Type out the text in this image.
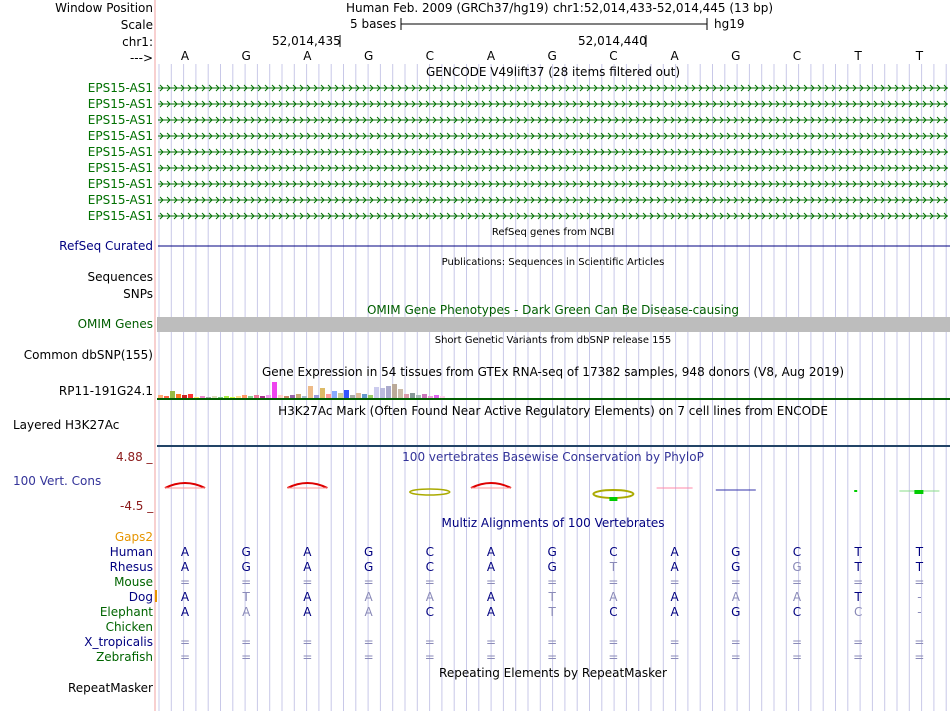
Window Position	Human Feb. 2009 (GRCh37/hg19) chr1:52,014,433-52,014,445 (13 bp)
Scale	5 bases	hg19
chr1:	52,014,435	52,014,440
--->	A	G	A	G	C	A	G	C	A	G	C	T	T
GENCODE V49lift37 (28 items filtered out)
EPS15-AS1
EPS15-AS1
EPS15-AS1
EPS15-AS1
EPS15-AS1
EPS15-AS1
EPS15-AS1
EPS15-AS1
EPS15-AS1
RefSeq genes from NCBI
RefSeq Curated
Publications: Sequences in Scientific Articles
Sequences
SNPs
OMIM Gene Phenotypes - Dark Green Can Be Disease-causing
OMIM Genes
Short Genetic Variants from dbSNP release 155
Common dbSNP(155)
Gene Expression in 54 tissues from GTEx RNA-seq of 17382 samples, 948 donors (V8, Aug 2019)
RP11-191G24.1
H3K27Ac Mark (Often Found Near Active Regulatory Elements) on 7 cell lines from ENCODE
Layered H3K27Ac
4.88 _	100 vertebrates Basewise Conservation by PhyloP
100 Vert. Cons
-4.5 _
Multiz Alignments of 100 Vertebrates
Gaps2
Human	A	G	A	G	C	A	G	C	A	G	C	T	T
Rhesus	A	G	A	G	C	A	G	T	A	G	G	T	T
Mouse	=	=	=	=	=	=	=	=	=	=	=	=	=
Dog	A	T	A	A	A	A	T	A	A	A	A	T	-
Elephant	A	A	A	A	C	A	T	C	A	G	C	C	-
Chicken
X_tropicalis	=	=	=	=	=	=	=	=	=	=	=	=	=
Zebrafish	=	=	=	=	=	=	=	=	=	=	=	=	=
Repeating Elements by RepeatMasker
RepeatMasker
